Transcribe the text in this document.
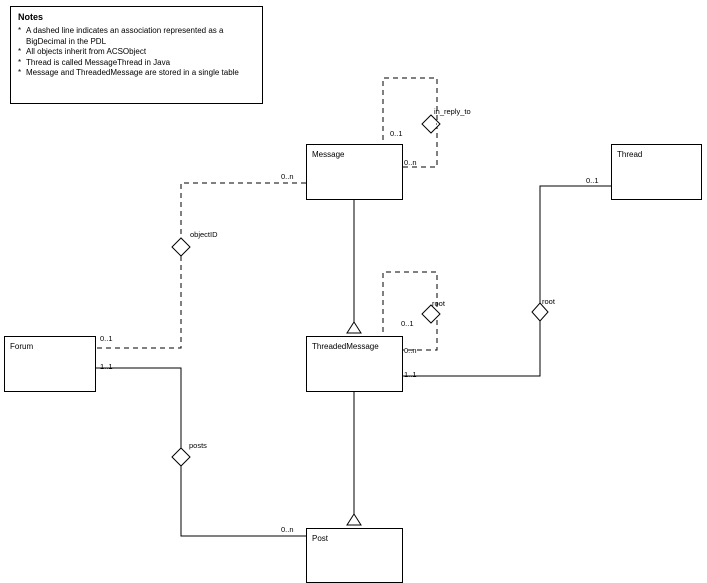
Notes
* A dashed line indicates an association represented as a BigDecimal in the PDL
* All objects inherit from ACSObject
* Thread is called MessageThread in Java
* Message and ThreadedMessage are stored in a single table
Message	Thread
Forum	ThreadedMessage
Post
in_reply_to
objectID
root	root
posts
0..1
0..n
0..n
0..1
1..1
0..n
0..1
0..n
1..1
0..1
